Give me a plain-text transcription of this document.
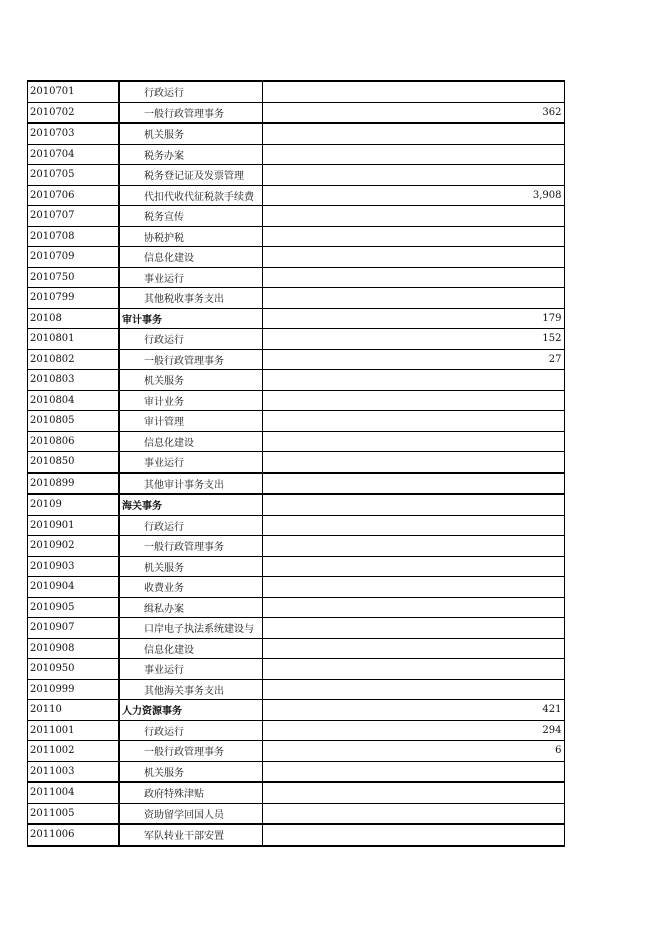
2010701	行政运行	
2010702	一般行政管理事务	362
2010703	机关服务	
2010704	税务办案	
2010705	税务登记证及发票管理	
2010706	代扣代收代征税款手续费	3,908
2010707	税务宣传	
2010708	协税护税	
2010709	信息化建设	
2010750	事业运行	
2010799	其他税收事务支出	
20108	审计事务	179
2010801	行政运行	152
2010802	一般行政管理事务	27
2010803	机关服务	
2010804	审计业务	
2010805	审计管理	
2010806	信息化建设	
2010850	事业运行	
2010899	其他审计事务支出	
20109	海关事务	
2010901	行政运行	
2010902	一般行政管理事务	
2010903	机关服务	
2010904	收费业务	
2010905	缉私办案	
2010907	口岸电子执法系统建设与	
2010908	信息化建设	
2010950	事业运行	
2010999	其他海关事务支出	
20110	人力资源事务	421
2011001	行政运行	294
2011002	一般行政管理事务	6
2011003	机关服务	
2011004	政府特殊津贴	
2011005	资助留学回国人员	
2011006	军队转业干部安置	
